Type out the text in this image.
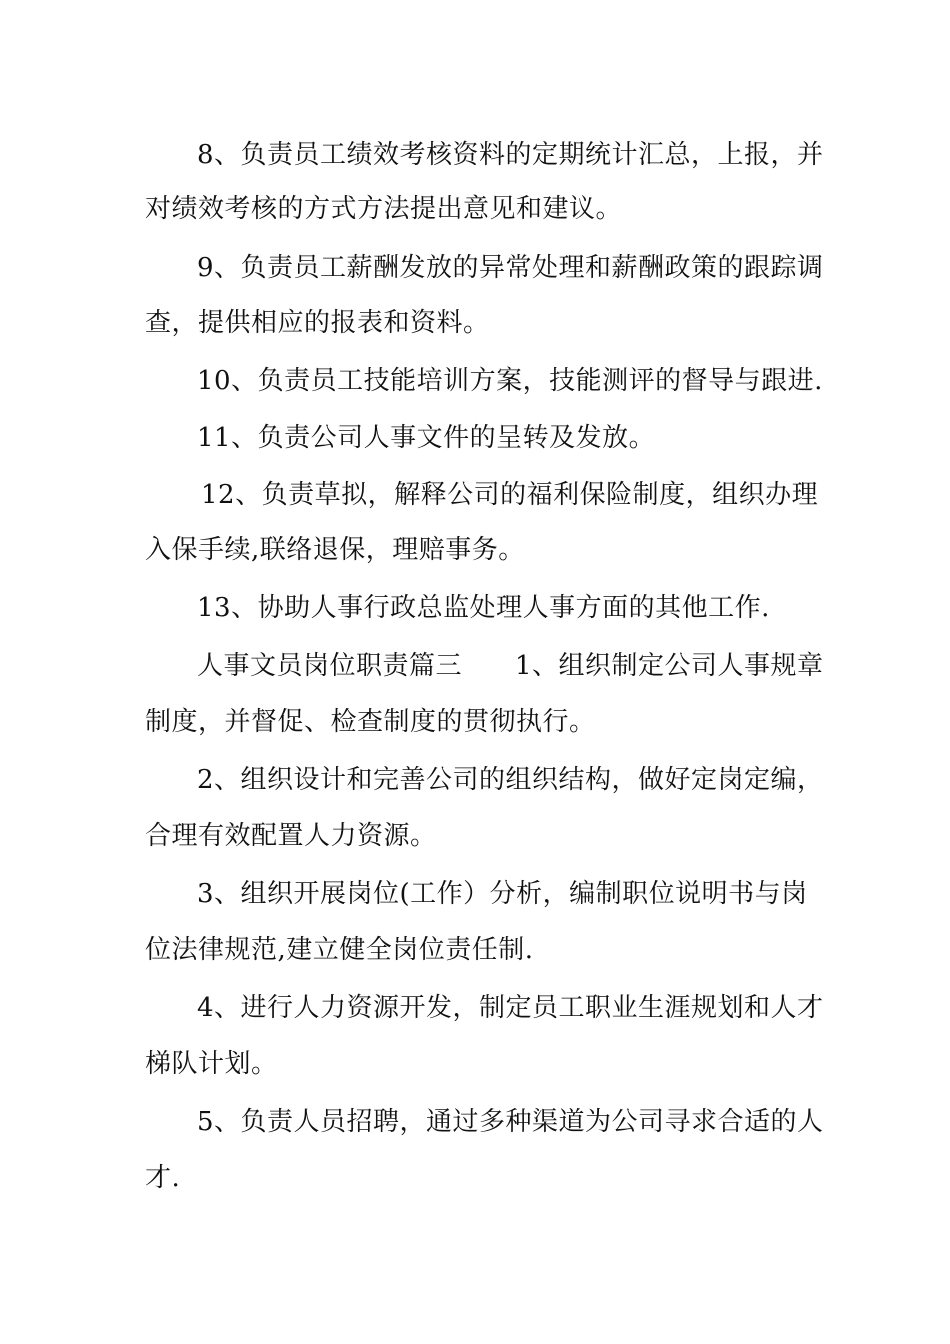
8、负责员工绩效考核资料的定期统计汇总，上报，并
对绩效考核的方式方法提出意见和建议。
9、负责员工薪酬发放的异常处理和薪酬政策的跟踪调
查，提供相应的报表和资料。
10、负责员工技能培训方案，技能测评的督导与跟进.
11、负责公司人事文件的呈转及发放。
12、负责草拟，解释公司的福利保险制度，组织办理
入保手续,联络退保，理赔事务。
13、协助人事行政总监处理人事方面的其他工作.
人事文员岗位职责篇三　　1、组织制定公司人事规章
制度，并督促、检查制度的贯彻执行。
2、组织设计和完善公司的组织结构，做好定岗定编，
合理有效配置人力资源。
3、组织开展岗位(工作）分析，编制职位说明书与岗
位法律规范,建立健全岗位责任制.
4、进行人力资源开发，制定员工职业生涯规划和人才
梯队计划。
5、负责人员招聘，通过多种渠道为公司寻求合适的人
才.
